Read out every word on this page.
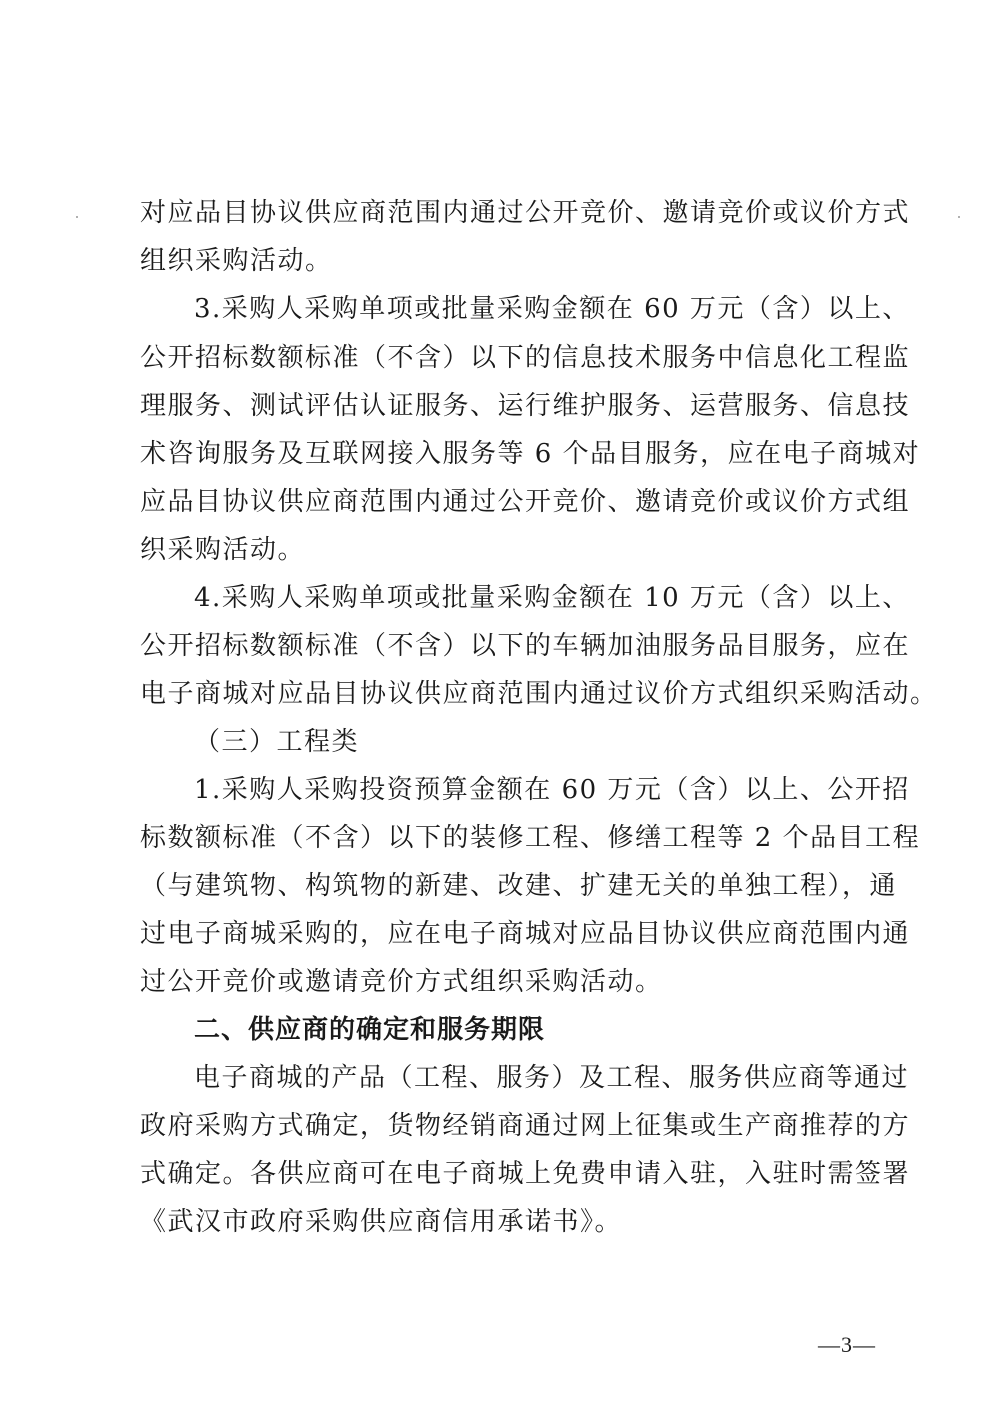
对应品目协议供应商范围内通过公开竞价、邀请竞价或议价方式
组织采购活动。
3.采购人采购单项或批量采购金额在 60 万元（含）以上、
公开招标数额标准（不含）以下的信息技术服务中信息化工程监
理服务、测试评估认证服务、运行维护服务、运营服务、信息技
术咨询服务及互联网接入服务等 6 个品目服务，应在电子商城对
应品目协议供应商范围内通过公开竞价、邀请竞价或议价方式组
织采购活动。
4.采购人采购单项或批量采购金额在 10 万元（含）以上、
公开招标数额标准（不含）以下的车辆加油服务品目服务，应在
电子商城对应品目协议供应商范围内通过议价方式组织采购活动。
（三）工程类
1.采购人采购投资预算金额在 60 万元（含）以上、公开招
标数额标准（不含）以下的装修工程、修缮工程等 2 个品目工程
（与建筑物、构筑物的新建、改建、扩建无关的单独工程），通
过电子商城采购的，应在电子商城对应品目协议供应商范围内通
过公开竞价或邀请竞价方式组织采购活动。
二、供应商的确定和服务期限
电子商城的产品（工程、服务）及工程、服务供应商等通过
政府采购方式确定，货物经销商通过网上征集或生产商推荐的方
式确定。各供应商可在电子商城上免费申请入驻，入驻时需签署
《武汉市政府采购供应商信用承诺书》。
—3—
